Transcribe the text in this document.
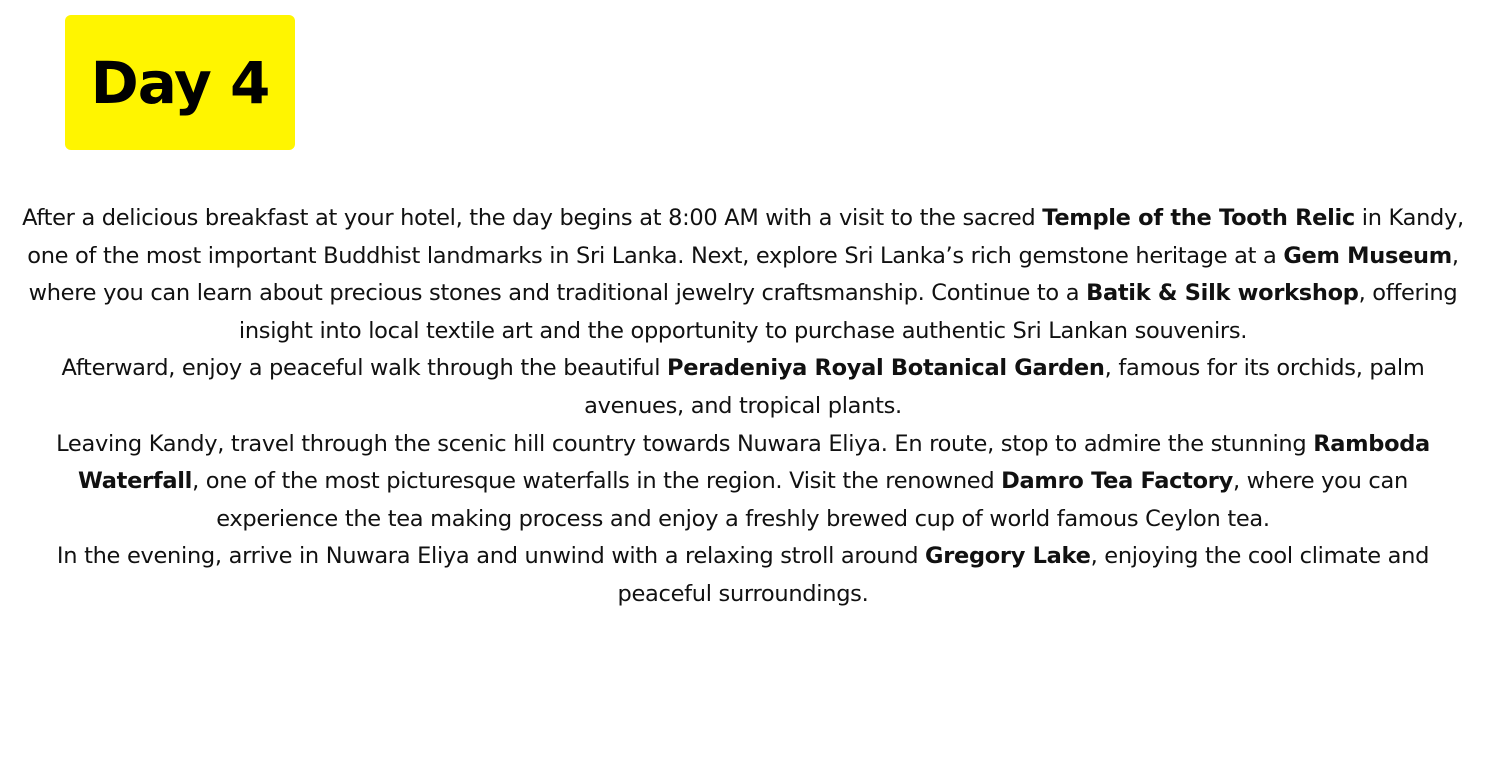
Day 4

After a delicious breakfast at your hotel, the day begins at 8:00 AM with a visit to the sacred Temple of the Tooth Relic in Kandy, one of the most important Buddhist landmarks in Sri Lanka. Next, explore Sri Lanka’s rich gemstone heritage at a Gem Museum, where you can learn about precious stones and traditional jewelry craftsmanship. Continue to a Batik & Silk workshop, offering insight into local textile art and the opportunity to purchase authentic Sri Lankan souvenirs.

Afterward, enjoy a peaceful walk through the beautiful Peradeniya Royal Botanical Garden, famous for its orchids, palm avenues, and tropical plants.

Leaving Kandy, travel through the scenic hill country towards Nuwara Eliya. En route, stop to admire the stunning Ramboda Waterfall, one of the most picturesque waterfalls in the region. Visit the renowned Damro Tea Factory, where you can experience the tea making process and enjoy a freshly brewed cup of world famous Ceylon tea.

In the evening, arrive in Nuwara Eliya and unwind with a relaxing stroll around Gregory Lake, enjoying the cool climate and peaceful surroundings.
